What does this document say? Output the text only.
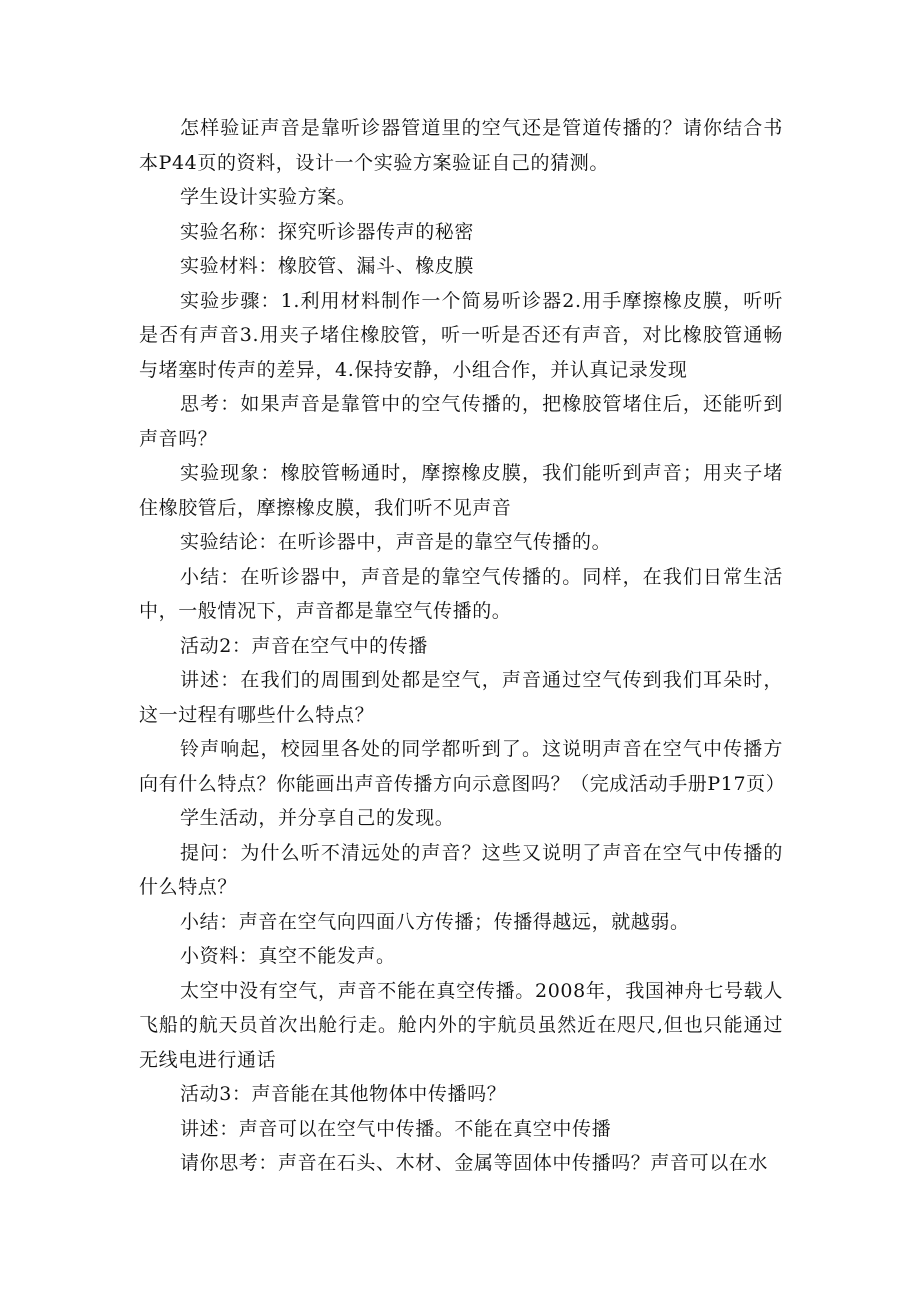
怎样验证声音是靠听诊器管道里的空气还是管道传播的？请你结合书本P44页的资料，设计一个实验方案验证自己的猜测。

学生设计实验方案。

实验名称：探究听诊器传声的秘密

实验材料：橡胶管、漏斗、橡皮膜

实验步骤：1.利用材料制作一个简易听诊器2.用手摩擦橡皮膜，听听是否有声音3.用夹子堵住橡胶管，听一听是否还有声音，对比橡胶管通畅与堵塞时传声的差异，4.保持安静，小组合作，并认真记录发现

思考：如果声音是靠管中的空气传播的，把橡胶管堵住后，还能听到声音吗？

实验现象：橡胶管畅通时，摩擦橡皮膜，我们能听到声音；用夹子堵住橡胶管后，摩擦橡皮膜，我们听不见声音

实验结论：在听诊器中，声音是的靠空气传播的。

小结：在听诊器中，声音是的靠空气传播的。同样，在我们日常生活中，一般情况下，声音都是靠空气传播的。

活动2：声音在空气中的传播

讲述：在我们的周围到处都是空气，声音通过空气传到我们耳朵时，这一过程有哪些什么特点？

铃声响起，校园里各处的同学都听到了。这说明声音在空气中传播方向有什么特点？你能画出声音传播方向示意图吗？（完成活动手册P17页）

学生活动，并分享自己的发现。

提问：为什么听不清远处的声音？这些又说明了声音在空气中传播的什么特点？

小结：声音在空气向四面八方传播；传播得越远，就越弱。

小资料：真空不能发声。

太空中没有空气，声音不能在真空传播。2008年，我国神舟七号载人飞船的航天员首次出舱行走。舱内外的宇航员虽然近在咫尺,但也只能通过无线电进行通话

活动3：声音能在其他物体中传播吗？

讲述：声音可以在空气中传播。不能在真空中传播

请你思考：声音在石头、木材、金属等固体中传播吗？声音可以在水
